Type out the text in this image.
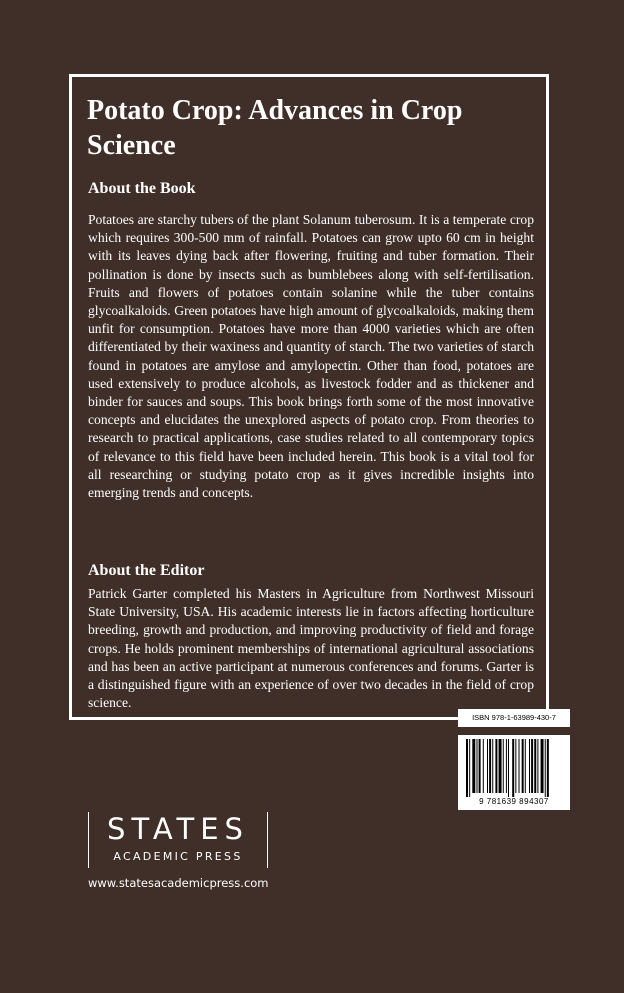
Potato Crop: Advances in Crop Science
About the Book

Potatoes are starchy tubers of the plant Solanum tuberosum. It is a temperate crop which requires 300-500 mm of rainfall. Potatoes can grow upto 60 cm in height with its leaves dying back after flowering, fruiting and tuber formation. Their pollination is done by insects such as bumblebees along with self-fertilisation. Fruits and flowers of potatoes contain solanine while the tuber contains glycoalkaloids. Green potatoes have high amount of glycoalkaloids, making them unfit for consumption. Potatoes have more than 4000 varieties which are often differentiated by their waxiness and quantity of starch. The two varieties of starch found in potatoes are amylose and amylopectin. Other than food, potatoes are used extensively to produce alcohols, as livestock fodder and as thickener and binder for sauces and soups. This book brings forth some of the most innovative concepts and elucidates the unexplored aspects of potato crop. From theories to research to practical applications, case studies related to all contemporary topics of relevance to this field have been included herein. This book is a vital tool for all researching or studying potato crop as it gives incredible insights into emerging trends and concepts.

About the Editor

Patrick Garter completed his Masters in Agriculture from Northwest Missouri State University, USA. His academic interests lie in factors affecting horticulture breeding, growth and production, and improving productivity of field and forage crops. He holds prominent memberships of international agricultural associations and has been an active participant at numerous conferences and forums. Garter is a distinguished figure with an experience of over two decades in the field of crop science.

ISBN 978-1-63989-430-7
9 781639 894307
STATES
ACADEMIC PRESS
www.statesacademicpress.com
